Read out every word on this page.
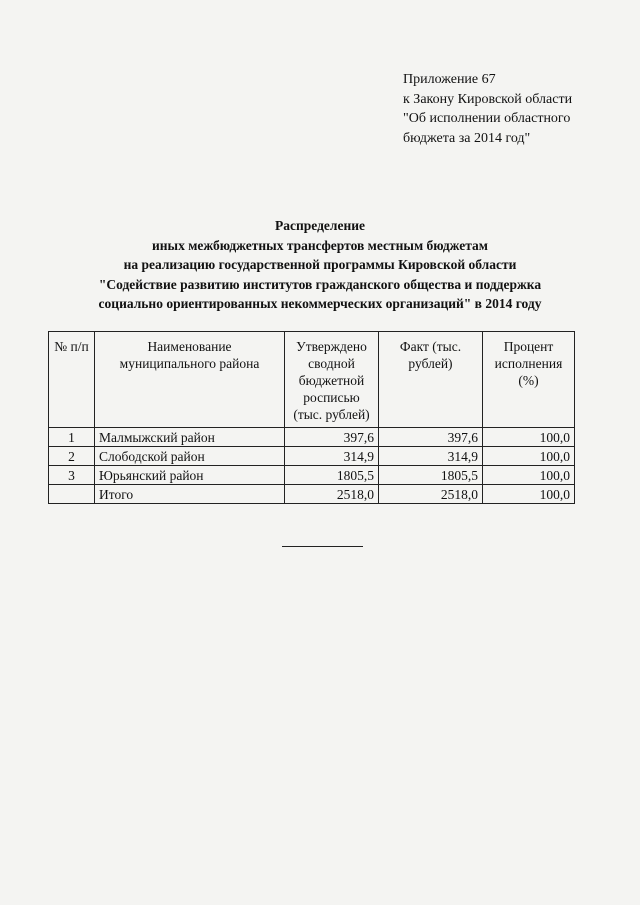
Приложение 67
к Закону Кировской области
"Об исполнении областного
бюджета за 2014 год"
Распределение
иных межбюджетных трансфертов местным бюджетам
на реализацию государственной программы Кировской области
"Содействие развитию институтов гражданского общества и поддержка
социально ориентированных некоммерческих организаций" в 2014 году
№ п/п	Наименование муниципального района	Утверждено сводной бюджетной росписью (тыс. рублей)	Факт (тыс. рублей)	Процент исполнения (%)
1	Малмыжский район	397,6	397,6	100,0
2	Слободской район	314,9	314,9	100,0
3	Юрьянский район	1805,5	1805,5	100,0
	Итого	2518,0	2518,0	100,0
